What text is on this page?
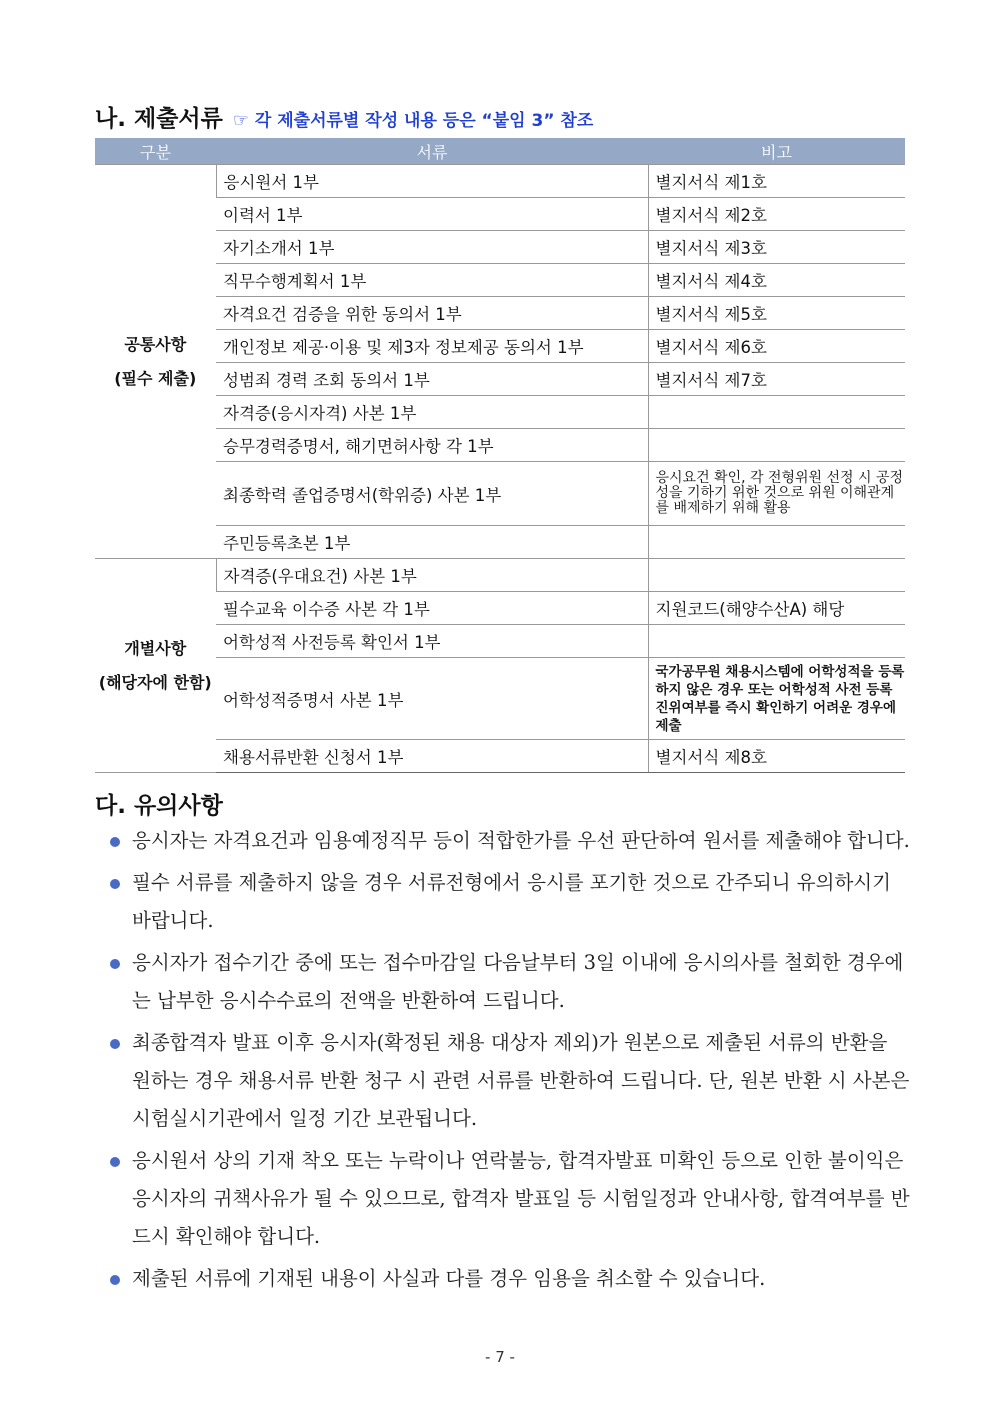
나. 제출서류 ☞ 각 제출서류별 작성 내용 등은 “붙임 3” 참조
구분	서류	비고

공통사항
(필수 제출)	응시원서 1부	별지서식 제1호
	이력서 1부	별지서식 제2호
	자기소개서 1부	별지서식 제3호
	직무수행계획서 1부	별지서식 제4호
	자격요건 검증을 위한 동의서 1부	별지서식 제5호
	개인정보 제공·이용 및 제3자 정보제공 동의서 1부	별지서식 제6호
	성범죄 경력 조회 동의서 1부	별지서식 제7호
	자격증(응시자격) 사본 1부	
	승무경력증명서, 해기면허사항 각 1부	
	최종학력 졸업증명서(학위증) 사본 1부	응시요건 확인, 각 전형위원 선정 시 공정성을 기하기 위한 것으로 위원 이해관계를 배제하기 위해 활용
	주민등록초본 1부	

개별사항
(해당자에 한함)	자격증(우대요건) 사본 1부	
	필수교육 이수증 사본 각 1부	지원코드(해양수산A) 해당
	어학성적 사전등록 확인서 1부	
	어학성적증명서 사본 1부	국가공무원 채용시스템에 어학성적을 등록하지 않은 경우 또는 어학성적 사전 등록 진위여부를 즉시 확인하기 어려운 경우에 제출
	채용서류반환 신청서 1부	별지서식 제8호
다. 유의사항
응시자는 자격요건과 임용예정직무 등이 적합한가를 우선 판단하여 원서를 제출해야 합니다.
필수 서류를 제출하지 않을 경우 서류전형에서 응시를 포기한 것으로 간주되니 유의하시기 바랍니다.
응시자가 접수기간 중에 또는 접수마감일 다음날부터 3일 이내에 응시의사를 철회한 경우에는 납부한 응시수수료의 전액을 반환하여 드립니다.
최종합격자 발표 이후 응시자(확정된 채용 대상자 제외)가 원본으로 제출된 서류의 반환을 원하는 경우 채용서류 반환 청구 시 관련 서류를 반환하여 드립니다. 단, 원본 반환 시 사본은 시험실시기관에서 일정 기간 보관됩니다.
응시원서 상의 기재 착오 또는 누락이나 연락불능, 합격자발표 미확인 등으로 인한 불이익은 응시자의 귀책사유가 될 수 있으므로, 합격자 발표일 등 시험일정과 안내사항, 합격여부를 반드시 확인해야 합니다.
제출된 서류에 기재된 내용이 사실과 다를 경우 임용을 취소할 수 있습니다.
- 7 -
